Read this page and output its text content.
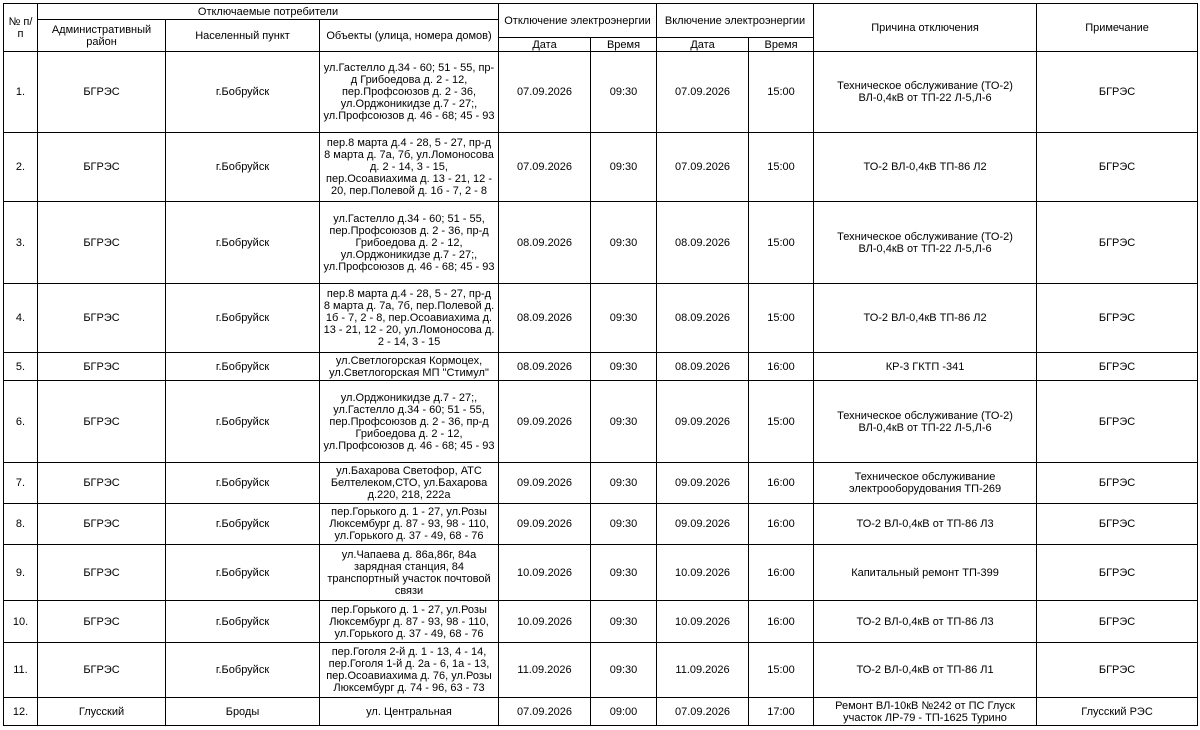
№ п/п	Отключаемые потребители			Отключение электроэнергии		Включение электроэнергии		Причина отключения	Примечание
	Административный район	Населенный пункт	Объекты (улица, номера домов)						
				Дата	Время	Дата	Время		
1.	БГРЭС	г.Бобруйск	ул.Гастелло д.34 - 60; 51 - 55, пр-д Грибоедова д. 2 - 12, пер.Профсоюзов д. 2 - 36, ул.Орджоникидзе д.7 - 27;, ул.Профсоюзов д. 46 - 68; 45 - 93	07.09.2026	09:30	07.09.2026	15:00	Техническое обслуживание (ТО-2) ВЛ-0,4кВ от ТП-22 Л-5,Л-6	БГРЭС
2.	БГРЭС	г.Бобруйск	пер.8 марта д.4 - 28, 5 - 27, пр-д 8 марта д. 7а, 7б, ул.Ломоносова д. 2 - 14, 3 - 15, пер.Осоавиахима д. 13 - 21, 12 - 20, пер.Полевой д. 1б - 7, 2 - 8	07.09.2026	09:30	07.09.2026	15:00	ТО-2 ВЛ-0,4кВ ТП-86 Л2	БГРЭС
3.	БГРЭС	г.Бобруйск	ул.Гастелло д.34 - 60; 51 - 55, пер.Профсоюзов д. 2 - 36, пр-д Грибоедова д. 2 - 12, ул.Орджоникидзе д.7 - 27;, ул.Профсоюзов д. 46 - 68; 45 - 93	08.09.2026	09:30	08.09.2026	15:00	Техническое обслуживание (ТО-2) ВЛ-0,4кВ от ТП-22 Л-5,Л-6	БГРЭС
4.	БГРЭС	г.Бобруйск	пер.8 марта д.4 - 28, 5 - 27, пр-д 8 марта д. 7а, 7б, пер.Полевой д. 1б - 7, 2 - 8, пер.Осоавиахима д. 13 - 21, 12 - 20, ул.Ломоносова д. 2 - 14, 3 - 15	08.09.2026	09:30	08.09.2026	15:00	ТО-2 ВЛ-0,4кВ ТП-86 Л2	БГРЭС
5.	БГРЭС	г.Бобруйск	ул.Светлогорская Кормоцех, ул.Светлогорская МП "Стимул"	08.09.2026	09:30	08.09.2026	16:00	КР-3 ГКТП -341	БГРЭС
6.	БГРЭС	г.Бобруйск	ул.Орджоникидзе д.7 - 27;, ул.Гастелло д.34 - 60; 51 - 55, пер.Профсоюзов д. 2 - 36, пр-д Грибоедова д. 2 - 12, ул.Профсоюзов д. 46 - 68; 45 - 93	09.09.2026	09:30	09.09.2026	15:00	Техническое обслуживание (ТО-2) ВЛ-0,4кВ от ТП-22 Л-5,Л-6	БГРЭС
7.	БГРЭС	г.Бобруйск	ул.Бахарова Светофор, АТС Белтелеком,СТО, ул.Бахарова д.220, 218, 222а	09.09.2026	09:30	09.09.2026	16:00	Техническое обслуживание электрооборудования ТП-269	БГРЭС
8.	БГРЭС	г.Бобруйск	пер.Горького д. 1 - 27, ул.Розы Люксембург д. 87 - 93, 98 - 110, ул.Горького д. 37 - 49, 68 - 76	09.09.2026	09:30	09.09.2026	16:00	ТО-2 ВЛ-0,4кВ от ТП-86 Л3	БГРЭС
9.	БГРЭС	г.Бобруйск	ул.Чапаева д. 86а,86г, 84а зарядная станция, 84 транспортный участок почтовой связи	10.09.2026	09:30	10.09.2026	16:00	Капитальный ремонт ТП-399	БГРЭС
10.	БГРЭС	г.Бобруйск	пер.Горького д. 1 - 27, ул.Розы Люксембург д. 87 - 93, 98 - 110, ул.Горького д. 37 - 49, 68 - 76	10.09.2026	09:30	10.09.2026	16:00	ТО-2 ВЛ-0,4кВ от ТП-86 Л3	БГРЭС
11.	БГРЭС	г.Бобруйск	пер.Гоголя 2-й д. 1 - 13, 4 - 14, пер.Гоголя 1-й д. 2а - 6, 1а - 13, пер.Осоавиахима д. 76, ул.Розы Люксембург д. 74 - 96, 63 - 73	11.09.2026	09:30	11.09.2026	15:00	ТО-2 ВЛ-0,4кВ от ТП-86 Л1	БГРЭС
12.	Глусский	Броды	ул. Центральная	07.09.2026	09:00	07.09.2026	17:00	Ремонт ВЛ-10кВ №242 от ПС Глуск участок ЛР-79 - ТП-1625 Турино	Глусский РЭС
